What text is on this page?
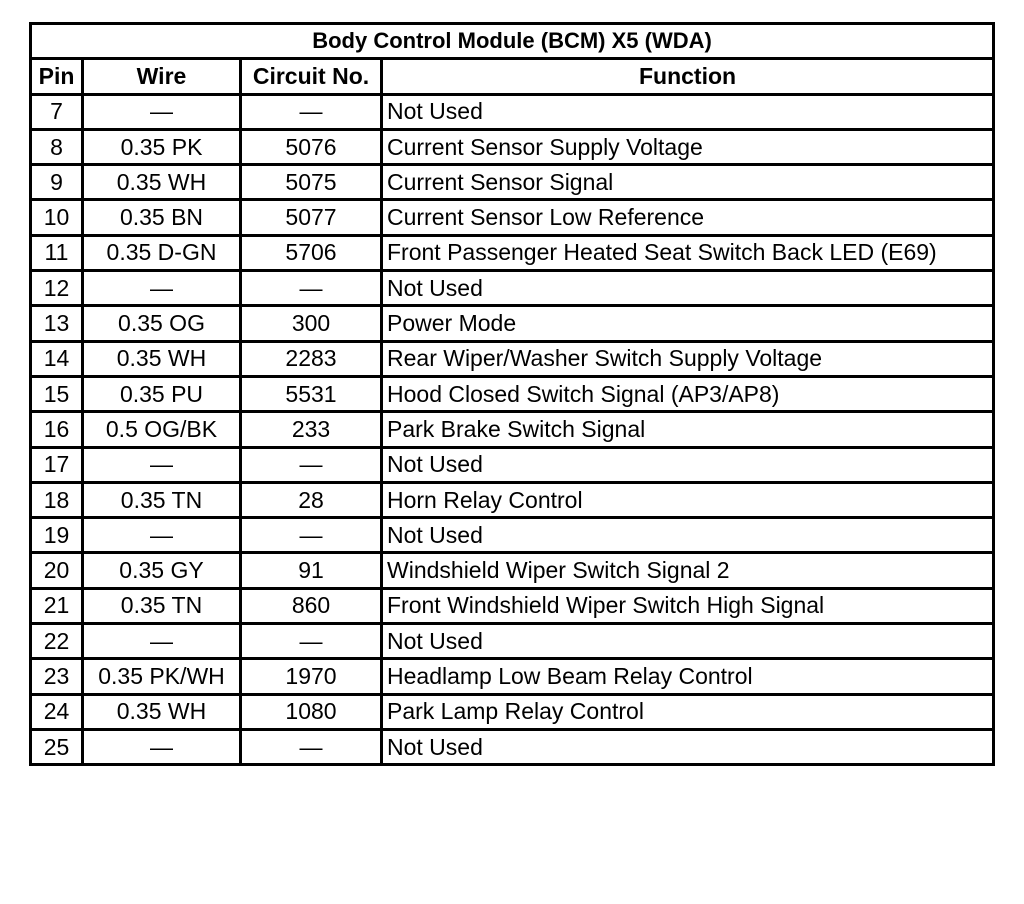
Body Control Module (BCM) X5 (WDA)			
Pin	Wire	Circuit No.	Function
7	—	—	Not Used
8	0.35 PK	5076	Current Sensor Supply Voltage
9	0.35 WH	5075	Current Sensor Signal
10	0.35 BN	5077	Current Sensor Low Reference
11	0.35 D-GN	5706	Front Passenger Heated Seat Switch Back LED (E69)
12	—	—	Not Used
13	0.35 OG	300	Power Mode
14	0.35 WH	2283	Rear Wiper/Washer Switch Supply Voltage
15	0.35 PU	5531	Hood Closed Switch Signal (AP3/AP8)
16	0.5 OG/BK	233	Park Brake Switch Signal
17	—	—	Not Used
18	0.35 TN	28	Horn Relay Control
19	—	—	Not Used
20	0.35 GY	91	Windshield Wiper Switch Signal 2
21	0.35 TN	860	Front Windshield Wiper Switch High Signal
22	—	—	Not Used
23	0.35 PK/WH	1970	Headlamp Low Beam Relay Control
24	0.35 WH	1080	Park Lamp Relay Control
25	—	—	Not Used
